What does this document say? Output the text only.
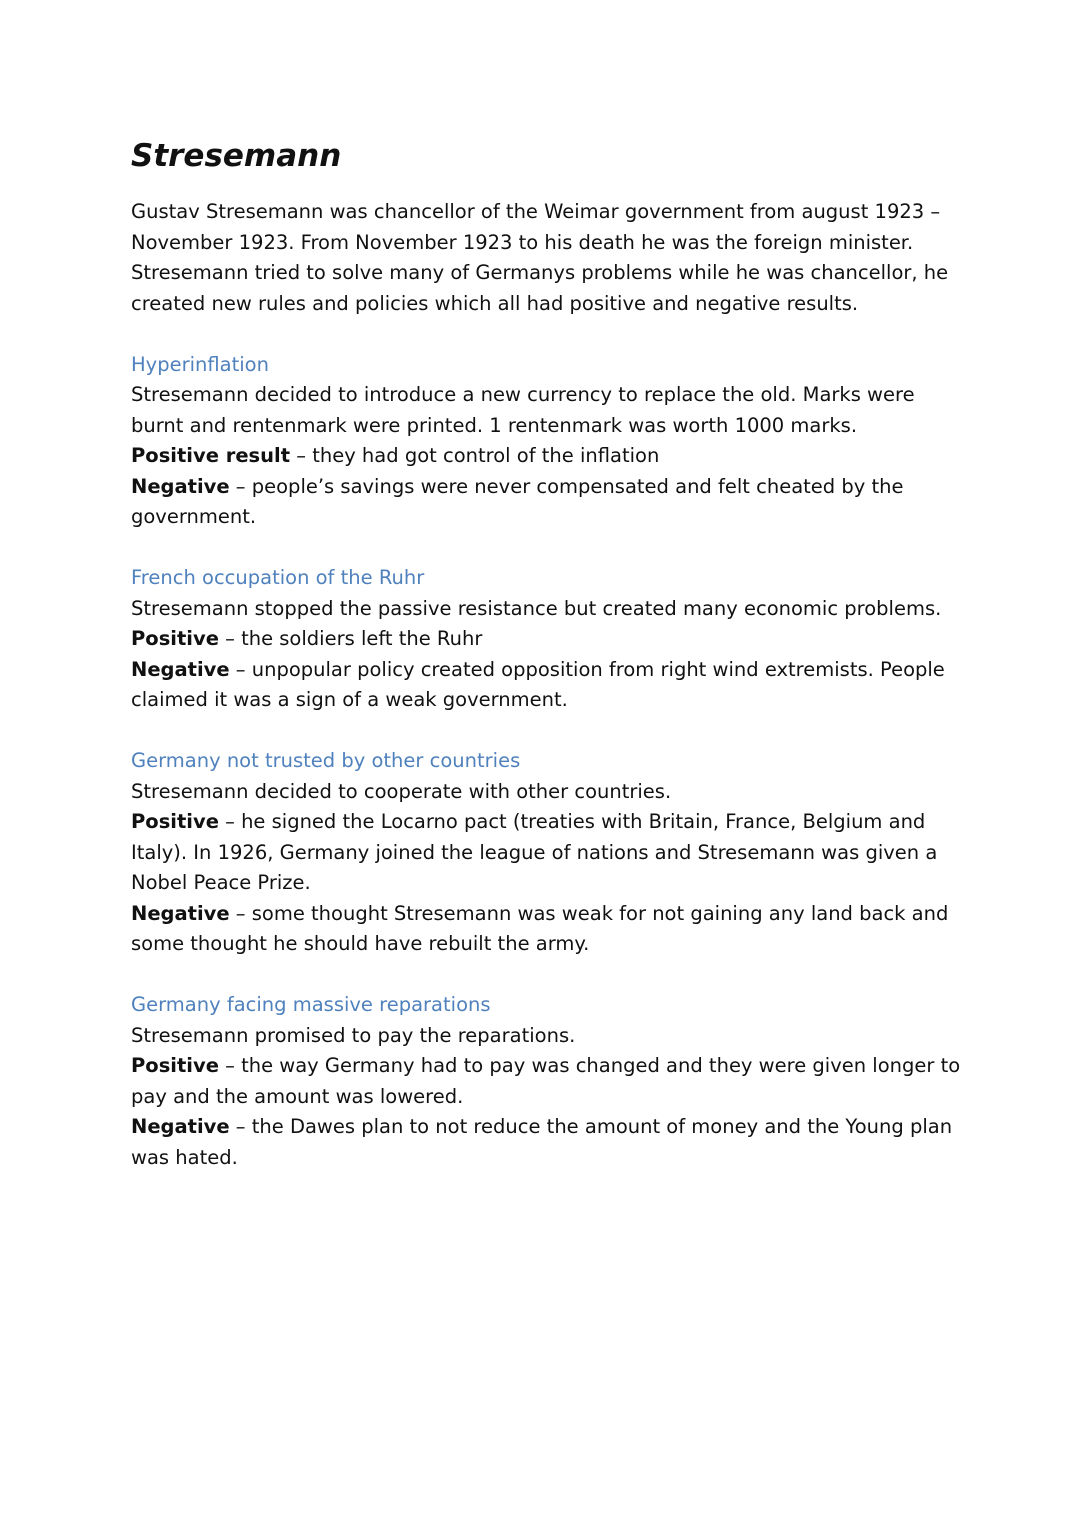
Stresemann

Gustav Stresemann was chancellor of the Weimar government from august 1923 – November 1923. From November 1923 to his death he was the foreign minister.

Stresemann tried to solve many of Germanys problems while he was chancellor, he created new rules and policies which all had positive and negative results.

Hyperinflation

Stresemann decided to introduce a new currency to replace the old. Marks were burnt and rentenmark were printed. 1 rentenmark was worth 1000 marks.

Positive result – they had got control of the inflation

Negative – people’s savings were never compensated and felt cheated by the government.

French occupation of the Ruhr

Stresemann stopped the passive resistance but created many economic problems.

Positive – the soldiers left the Ruhr

Negative – unpopular policy created opposition from right wind extremists. People claimed it was a sign of a weak government.

Germany not trusted by other countries

Stresemann decided to cooperate with other countries.

Positive – he signed the Locarno pact (treaties with Britain, France, Belgium and Italy). In 1926, Germany joined the league of nations and Stresemann was given a Nobel Peace Prize.

Negative – some thought Stresemann was weak for not gaining any land back and some thought he should have rebuilt the army.

Germany facing massive reparations

Stresemann promised to pay the reparations.

Positive – the way Germany had to pay was changed and they were given longer to pay and the amount was lowered.

Negative – the Dawes plan to not reduce the amount of money and the Young plan was hated.
